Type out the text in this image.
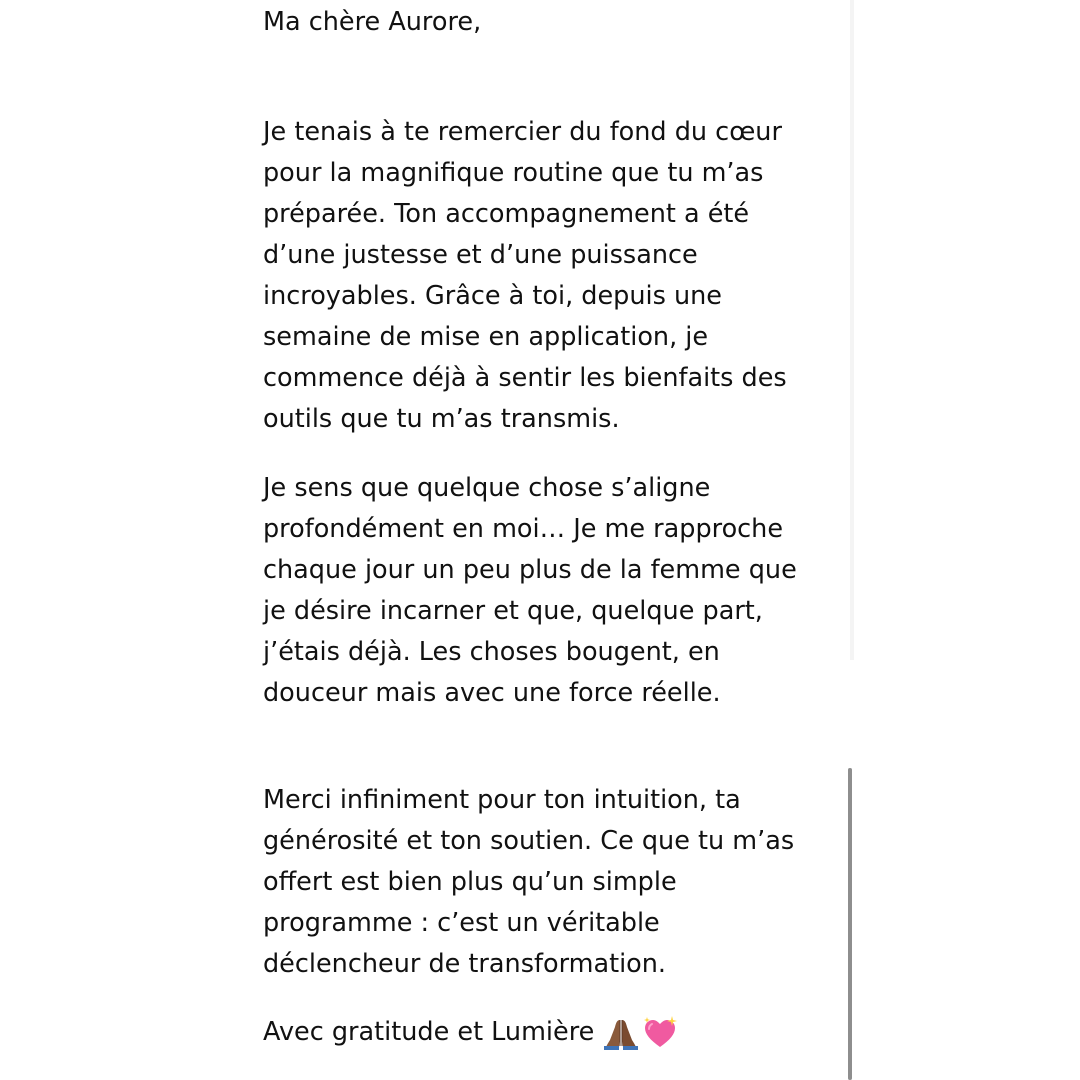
Ma chère Aurore,
Je tenais à te remercier du fond du cœur
pour la magnifique routine que tu m’as
préparée. Ton accompagnement a été
d’une justesse et d’une puissance
incroyables. Grâce à toi, depuis une
semaine de mise en application, je
commence déjà à sentir les bienfaits des
outils que tu m’as transmis.
Je sens que quelque chose s’aligne
profondément en moi… Je me rapproche
chaque jour un peu plus de la femme que
je désire incarner et que, quelque part,
j’étais déjà. Les choses bougent, en
douceur mais avec une force réelle.
Merci infiniment pour ton intuition, ta
générosité et ton soutien. Ce que tu m’as
offert est bien plus qu’un simple
programme : c’est un véritable
déclencheur de transformation.
Avec gratitude et Lumière
